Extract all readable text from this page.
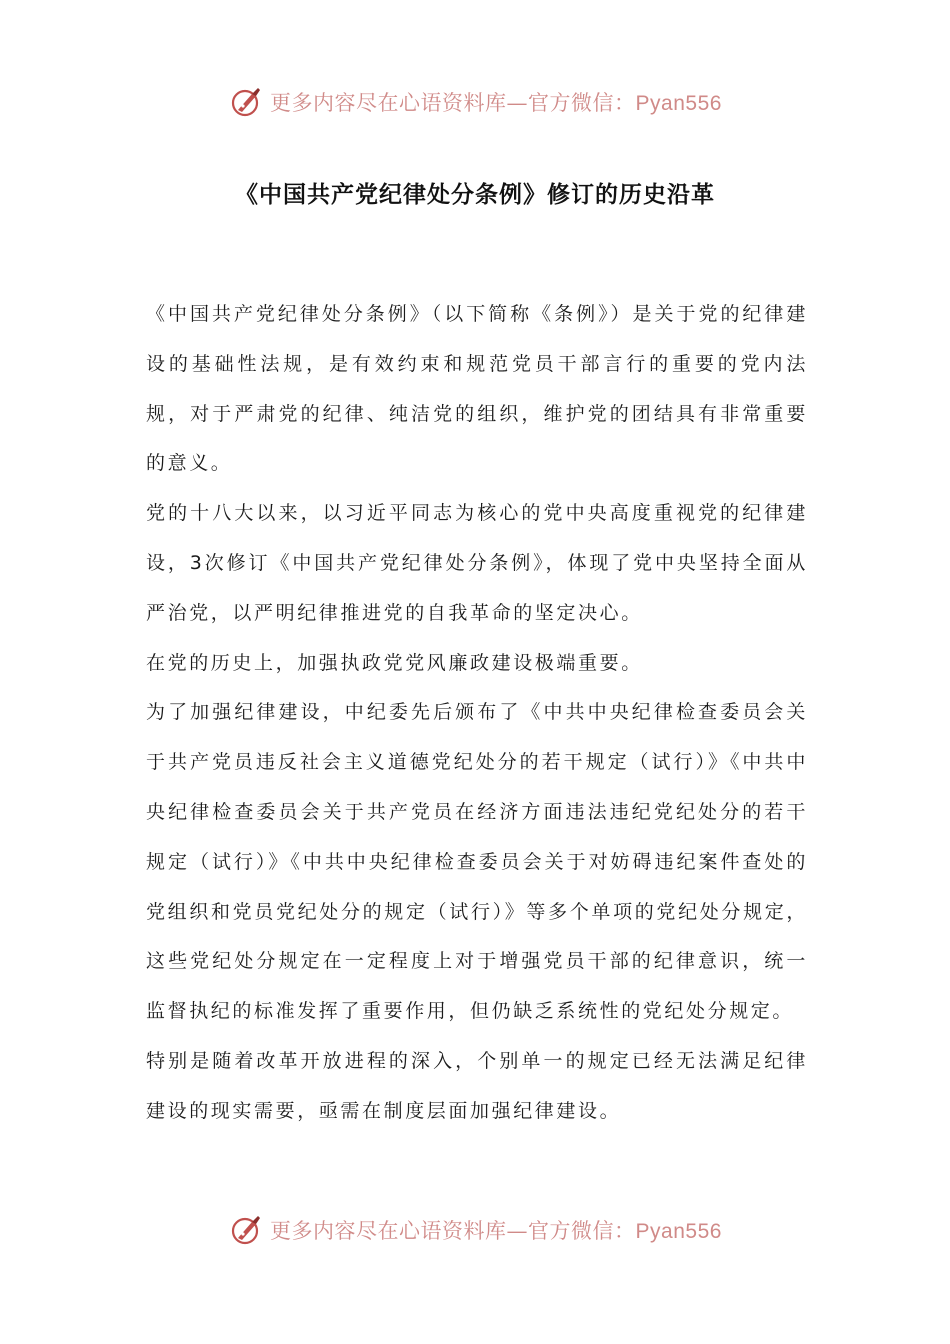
更多内容尽在心语资料库—官方微信：Pyan556
《中国共产党纪律处分条例》修订的历史沿革

《中国共产党纪律处分条例》（以下简称《条例》）是关于党的纪律建设的基础性法规，是有效约束和规范党员干部言行的重要的党内法规，对于严肃党的纪律、纯洁党的组织，维护党的团结具有非常重要的意义。

党的十八大以来，以习近平同志为核心的党中央高度重视党的纪律建设，3次修订《中国共产党纪律处分条例》，体现了党中央坚持全面从严治党，以严明纪律推进党的自我革命的坚定决心。

在党的历史上，加强执政党党风廉政建设极端重要。

为了加强纪律建设，中纪委先后颁布了《中共中央纪律检查委员会关于共产党员违反社会主义道德党纪处分的若干规定（试行）》《中共中央纪律检查委员会关于共产党员在经济方面违法违纪党纪处分的若干规定（试行）》《中共中央纪律检查委员会关于对妨碍违纪案件查处的党组织和党员党纪处分的规定（试行）》等多个单项的党纪处分规定，这些党纪处分规定在一定程度上对于增强党员干部的纪律意识，统一监督执纪的标准发挥了重要作用，但仍缺乏系统性的党纪处分规定。

特别是随着改革开放进程的深入，个别单一的规定已经无法满足纪律建设的现实需要，亟需在制度层面加强纪律建设。

更多内容尽在心语资料库—官方微信：Pyan556
